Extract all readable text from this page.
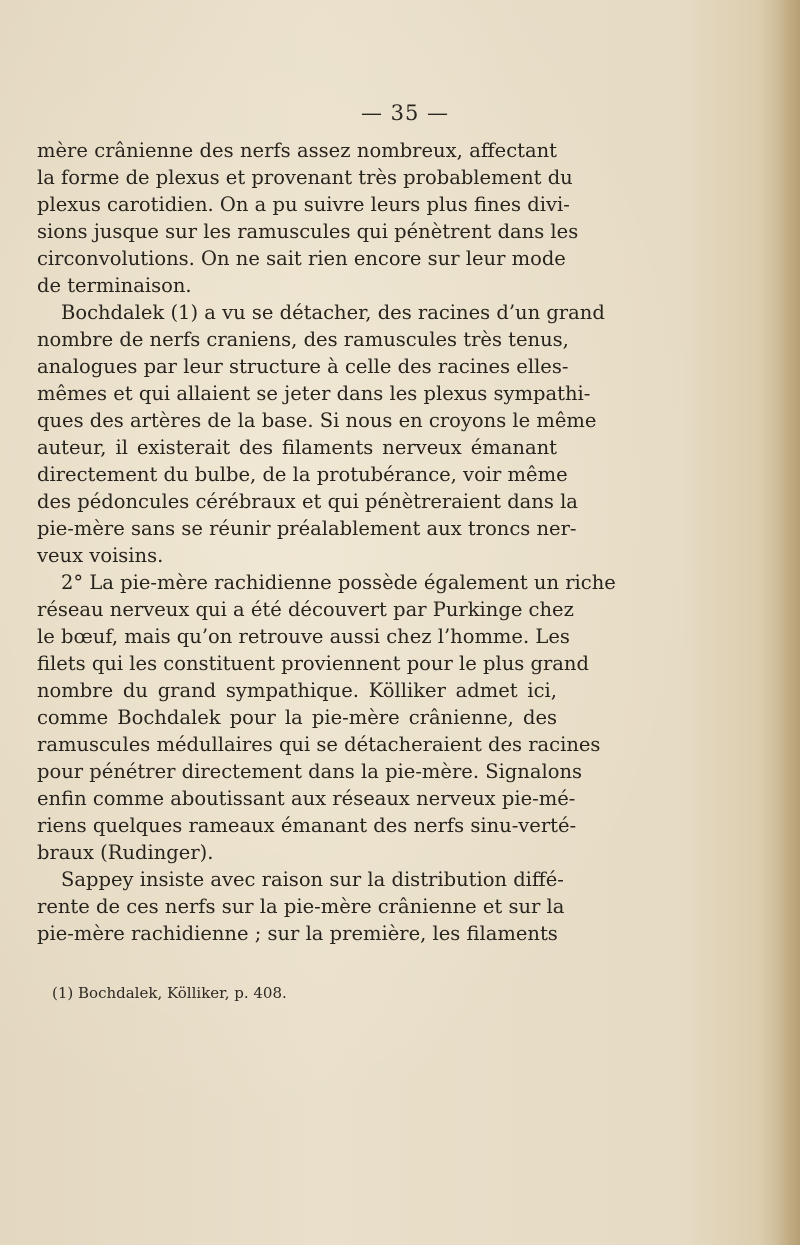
— 35 —
mère crânienne des nerfs assez nombreux, affectant
la forme de plexus et provenant très probablement du
plexus carotidien. On a pu suivre leurs plus fines divi-
sions jusque sur les ramuscules qui pénètrent dans les
circonvolutions. On ne sait rien encore sur leur mode
de terminaison.
Bochdalek (1) a vu se détacher, des racines d’un grand
nombre de nerfs craniens, des ramuscules très tenus,
analogues par leur structure à celle des racines elles-
mêmes et qui allaient se jeter dans les plexus sympathi-
ques des artères de la base. Si nous en croyons le même
auteur, il existerait des filaments nerveux émanant
directement du bulbe, de la protubérance, voir même
des pédoncules cérébraux et qui pénètreraient dans la
pie-mère sans se réunir préalablement aux troncs ner-
veux voisins.
2° La pie-mère rachidienne possède également un riche
réseau nerveux qui a été découvert par Purkinge chez
le bœuf, mais qu’on retrouve aussi chez l’homme. Les
filets qui les constituent proviennent pour le plus grand
nombre du grand sympathique. Kölliker admet ici,
comme Bochdalek pour la pie-mère crânienne, des
ramuscules médullaires qui se détacheraient des racines
pour pénétrer directement dans la pie-mère. Signalons
enfin comme aboutissant aux réseaux nerveux pie-mé-
riens quelques rameaux émanant des nerfs sinu-verté-
braux (Rudinger).
Sappey insiste avec raison sur la distribution diffé-
rente de ces nerfs sur la pie-mère crânienne et sur la
pie-mère rachidienne ; sur la première, les filaments
(1) Bochdalek, Kölliker, p. 408.
